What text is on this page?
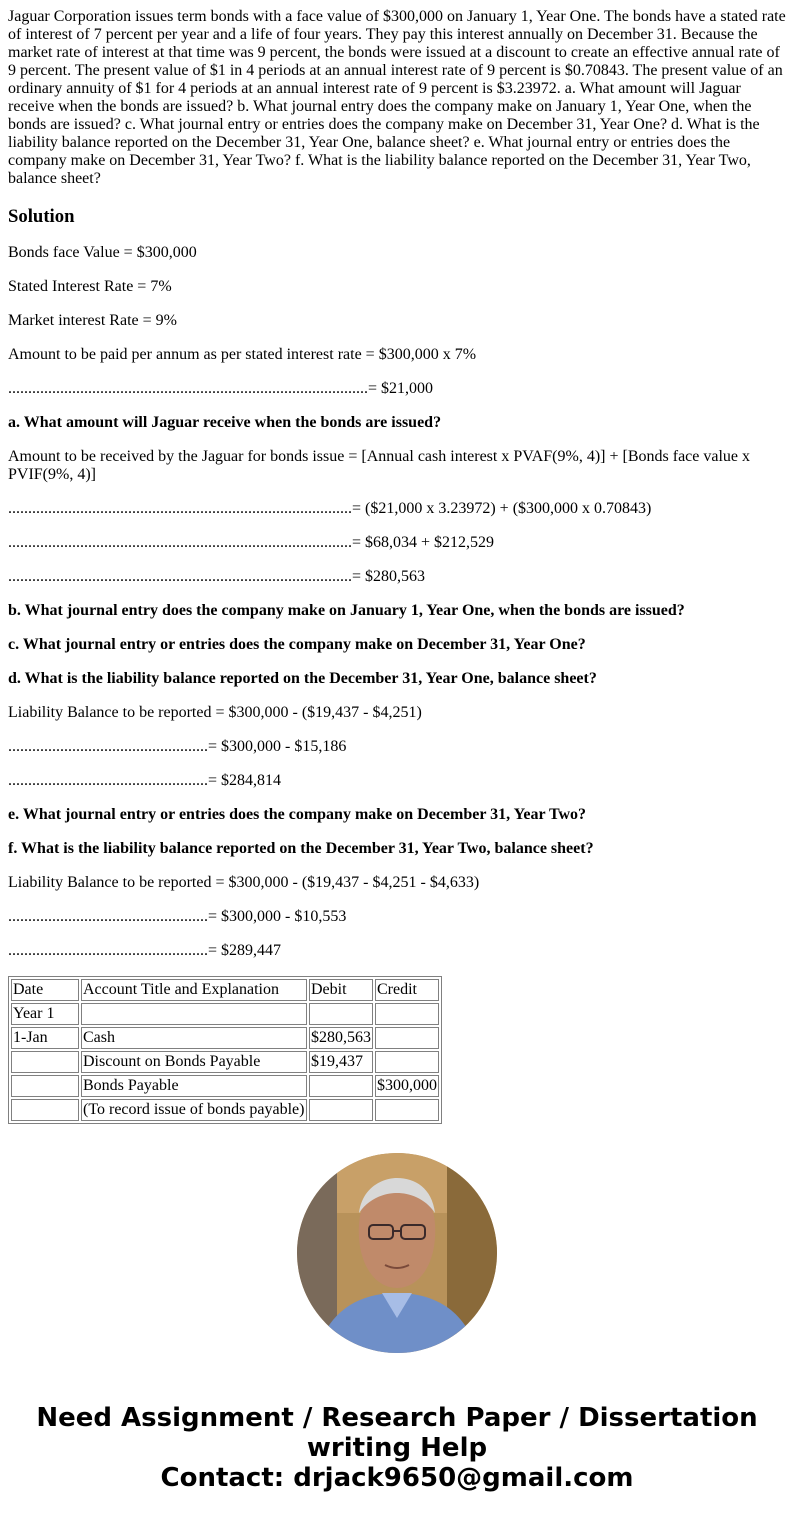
Jaguar Corporation issues term bonds with a face value of $300,000 on January 1, Year One. The bonds have a stated rate of interest of 7 percent per year and a life of four years. They pay this interest annually on December 31. Because the market rate of interest at that time was 9 percent, the bonds were issued at a discount to create an effective annual rate of 9 percent. The present value of $1 in 4 periods at an annual interest rate of 9 percent is $0.70843. The present value of an ordinary annuity of $1 for 4 periods at an annual interest rate of 9 percent is $3.23972. a. What amount will Jaguar receive when the bonds are issued? b. What journal entry does the company make on January 1, Year One, when the bonds are issued? c. What journal entry or entries does the company make on December 31, Year One? d. What is the liability balance reported on the December 31, Year One, balance sheet? e. What journal entry or entries does the company make on December 31, Year Two? f. What is the liability balance reported on the December 31, Year Two, balance sheet?

Solution

Bonds face Value = $300,000

Stated Interest Rate = 7%

Market interest Rate = 9%

Amount to be paid per annum as per stated interest rate = $300,000 x 7%

..........................................................................................= $21,000

a. What amount will Jaguar receive when the bonds are issued?

Amount to be received by the Jaguar for bonds issue = [Annual cash interest x PVAF(9%, 4)] + [Bonds face value x PVIF(9%, 4)]

......................................................................................= ($21,000 x 3.23972) + ($300,000 x 0.70843)

......................................................................................= $68,034 + $212,529

......................................................................................= $280,563

b. What journal entry does the company make on January 1, Year One, when the bonds are issued?

c. What journal entry or entries does the company make on December 31, Year One?

d. What is the liability balance reported on the December 31, Year One, balance sheet?

Liability Balance to be reported = $300,000 - ($19,437 - $4,251)

..................................................= $300,000 - $15,186

..................................................= $284,814

e. What journal entry or entries does the company make on December 31, Year Two?

f. What is the liability balance reported on the December 31, Year Two, balance sheet?

Liability Balance to be reported = $300,000 - ($19,437 - $4,251 - $4,633)

..................................................= $300,000 - $10,553

..................................................= $289,447

Date	Account Title and Explanation	Debit	Credit
Year 1			
1-Jan	Cash	$280,563	
	Discount on Bonds Payable	$19,437	
	Bonds Payable		$300,000
	(To record issue of bonds payable)		
Need Assignment / Research Paper / Dissertation
writing Help
Contact: drjack9650@gmail.com
